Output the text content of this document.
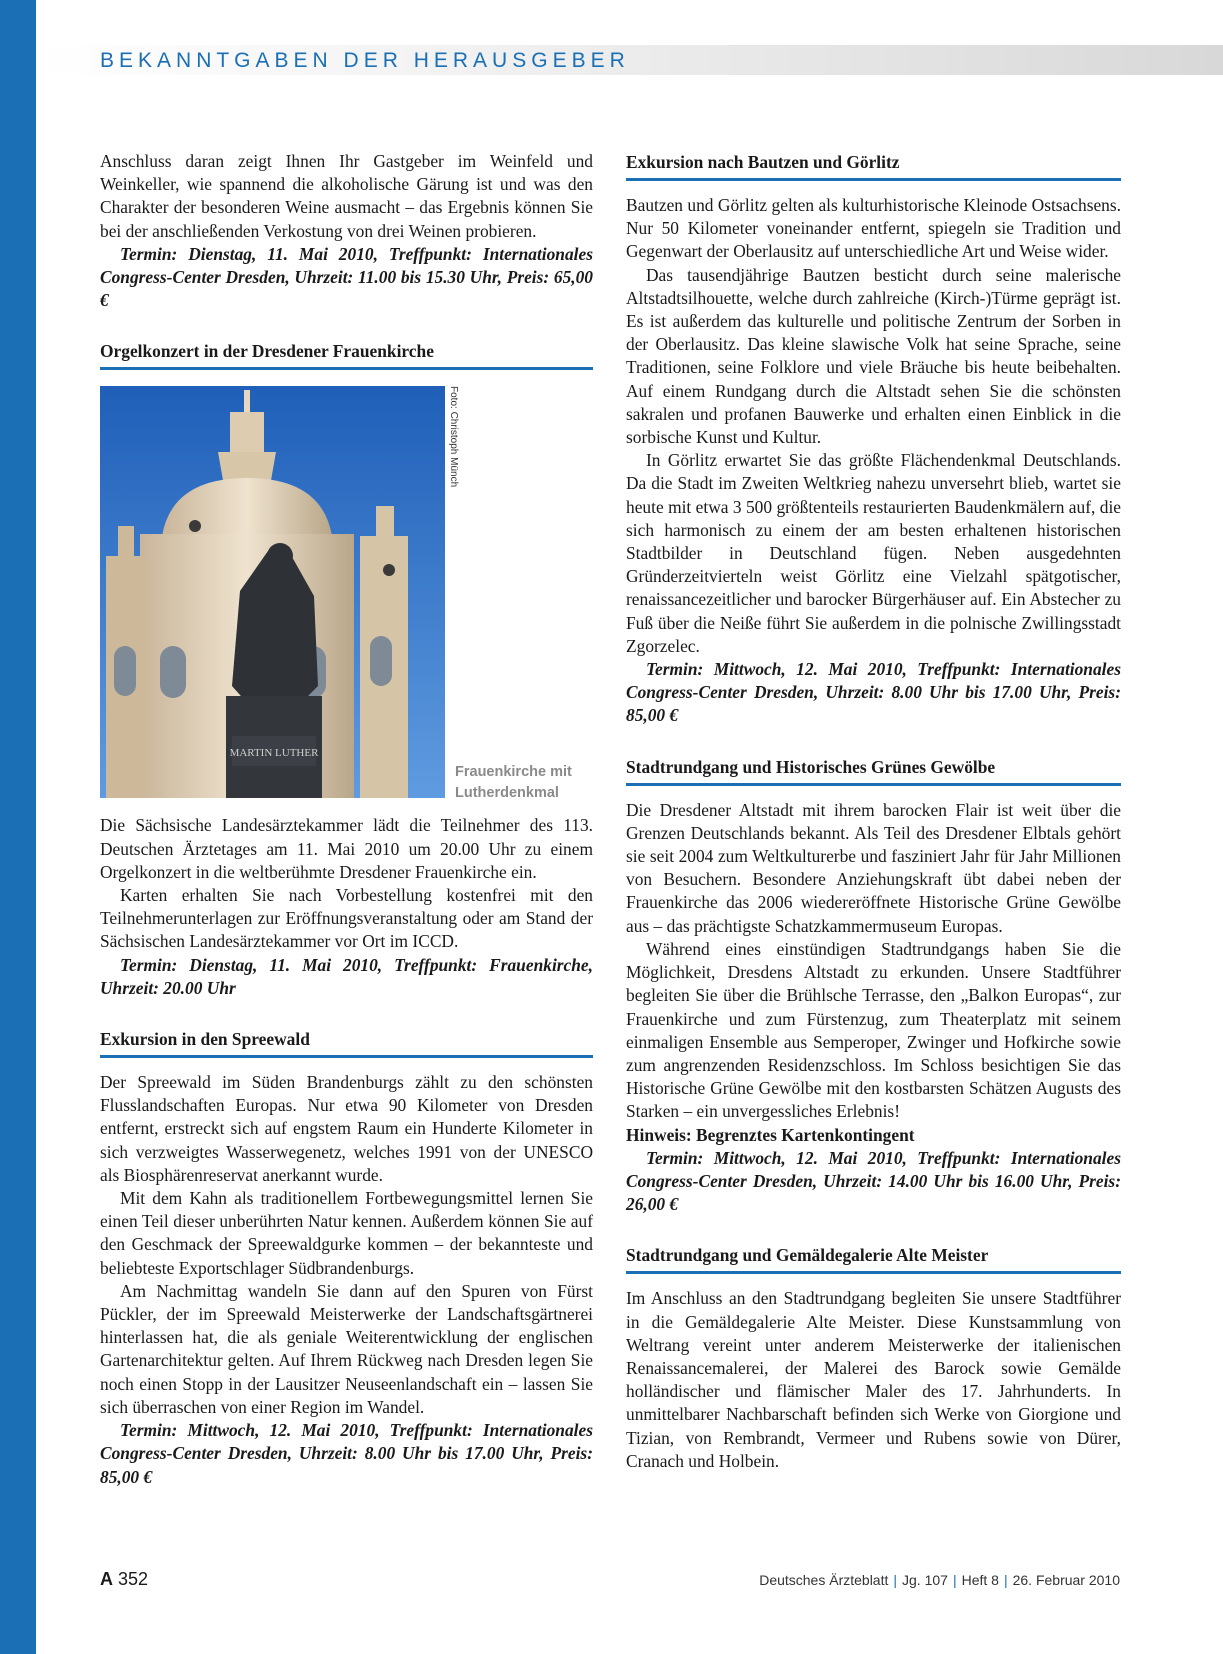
BEKANNTGABEN DER HERAUSGEBER

Anschluss daran zeigt Ihnen Ihr Gastgeber im Weinfeld und Weinkeller, wie spannend die alkoholische Gärung ist und was den Charakter der besonderen Weine ausmacht – das Ergebnis können Sie bei der anschließenden Verkostung von drei Weinen probieren.

Termin: Dienstag, 11. Mai 2010, Treffpunkt: Internationales Congress-Center Dresden, Uhrzeit: 11.00 bis 15.30 Uhr, Preis: 65,00 €

Orgelkonzert in der Dresdener Frauenkirche
MARTIN LUTHER
Foto: Christoph Münch
Frauenkirche mit Lutherdenkmal

Die Sächsische Landesärztekammer lädt die Teilnehmer des 113. Deutschen Ärztetages am 11. Mai 2010 um 20.00 Uhr zu einem Orgelkonzert in die weltberühmte Dresdener Frauenkirche ein.

Karten erhalten Sie nach Vorbestellung kostenfrei mit den Teilnehmerunterlagen zur Eröffnungsveranstaltung oder am Stand der Sächsischen Landesärztekammer vor Ort im ICCD.

Termin: Dienstag, 11. Mai 2010, Treffpunkt: Frauenkirche, Uhrzeit: 20.00 Uhr

Exkursion in den Spreewald

Der Spreewald im Süden Brandenburgs zählt zu den schönsten Flusslandschaften Europas. Nur etwa 90 Kilometer von Dresden entfernt, erstreckt sich auf engstem Raum ein Hunderte Kilometer in sich verzweigtes Wasserwegenetz, welches 1991 von der UNESCO als Biosphärenreservat anerkannt wurde.

Mit dem Kahn als traditionellem Fortbewegungsmittel lernen Sie einen Teil dieser unberührten Natur kennen. Außerdem können Sie auf den Geschmack der Spreewaldgurke kommen – der bekannteste und beliebteste Exportschlager Südbrandenburgs.

Am Nachmittag wandeln Sie dann auf den Spuren von Fürst Pückler, der im Spreewald Meisterwerke der Landschaftsgärtnerei hinterlassen hat, die als geniale Weiterentwicklung der englischen Gartenarchitektur gelten. Auf Ihrem Rückweg nach Dresden legen Sie noch einen Stopp in der Lausitzer Neuseenlandschaft ein – lassen Sie sich überraschen von einer Region im Wandel.

Termin: Mittwoch, 12. Mai 2010, Treffpunkt: Internationales Congress-Center Dresden, Uhrzeit: 8.00 Uhr bis 17.00 Uhr, Preis: 85,00 €

Exkursion nach Bautzen und Görlitz

Bautzen und Görlitz gelten als kulturhistorische Kleinode Ostsachsens. Nur 50 Kilometer voneinander entfernt, spiegeln sie Tradition und Gegenwart der Oberlausitz auf unterschiedliche Art und Weise wider.

Das tausendjährige Bautzen besticht durch seine malerische Altstadtsilhouette, welche durch zahlreiche (Kirch-)Türme geprägt ist. Es ist außerdem das kulturelle und politische Zentrum der Sorben in der Oberlausitz. Das kleine slawische Volk hat seine Sprache, seine Traditionen, seine Folklore und viele Bräuche bis heute beibehalten. Auf einem Rundgang durch die Altstadt sehen Sie die schönsten sakralen und profanen Bauwerke und erhalten einen Einblick in die sorbische Kunst und Kultur.

In Görlitz erwartet Sie das größte Flächendenkmal Deutschlands. Da die Stadt im Zweiten Weltkrieg nahezu unversehrt blieb, wartet sie heute mit etwa 3 500 größtenteils restaurierten Baudenkmälern auf, die sich harmonisch zu einem der am besten erhaltenen historischen Stadtbilder in Deutschland fügen. Neben ausgedehnten Gründerzeitvierteln weist Görlitz eine Vielzahl spätgotischer, renaissancezeitlicher und barocker Bürgerhäuser auf. Ein Abstecher zu Fuß über die Neiße führt Sie außerdem in die polnische Zwillingsstadt Zgorzelec.

Termin: Mittwoch, 12. Mai 2010, Treffpunkt: Internationales Congress-Center Dresden, Uhrzeit: 8.00 Uhr bis 17.00 Uhr, Preis: 85,00 €

Stadtrundgang und Historisches Grünes Gewölbe

Die Dresdener Altstadt mit ihrem barocken Flair ist weit über die Grenzen Deutschlands bekannt. Als Teil des Dresdener Elbtals gehört sie seit 2004 zum Weltkulturerbe und fasziniert Jahr für Jahr Millionen von Besuchern. Besondere Anziehungskraft übt dabei neben der Frauenkirche das 2006 wiedereröffnete Historische Grüne Gewölbe aus – das prächtigste Schatzkammermuseum Europas.

Während eines einstündigen Stadtrundgangs haben Sie die Möglichkeit, Dresdens Altstadt zu erkunden. Unsere Stadtführer begleiten Sie über die Brühlsche Terrasse, den „Balkon Europas“, zur Frauenkirche und zum Fürstenzug, zum Theaterplatz mit seinem einmaligen Ensemble aus Semperoper, Zwinger und Hofkirche sowie zum angrenzenden Residenzschloss. Im Schloss besichtigen Sie das Historische Grüne Gewölbe mit den kostbarsten Schätzen Augusts des Starken – ein unvergessliches Erlebnis!

Hinweis: Begrenztes Kartenkontingent

Termin: Mittwoch, 12. Mai 2010, Treffpunkt: Internationales Congress-Center Dresden, Uhrzeit: 14.00 Uhr bis 16.00 Uhr, Preis: 26,00 €

Stadtrundgang und Gemäldegalerie Alte Meister

Im Anschluss an den Stadtrundgang begleiten Sie unsere Stadtführer in die Gemäldegalerie Alte Meister. Diese Kunstsammlung von Weltrang vereint unter anderem Meisterwerke der italienischen Renaissancemalerei, der Malerei des Barock sowie Gemälde holländischer und flämischer Maler des 17. Jahrhunderts. In unmittelbarer Nachbarschaft befinden sich Werke von Giorgione und Tizian, von Rembrandt, Vermeer und Rubens sowie von Dürer, Cranach und Holbein.

A 352	Deutsches Ärzteblatt | Jg. 107 | Heft 8 | 26. Februar 2010
